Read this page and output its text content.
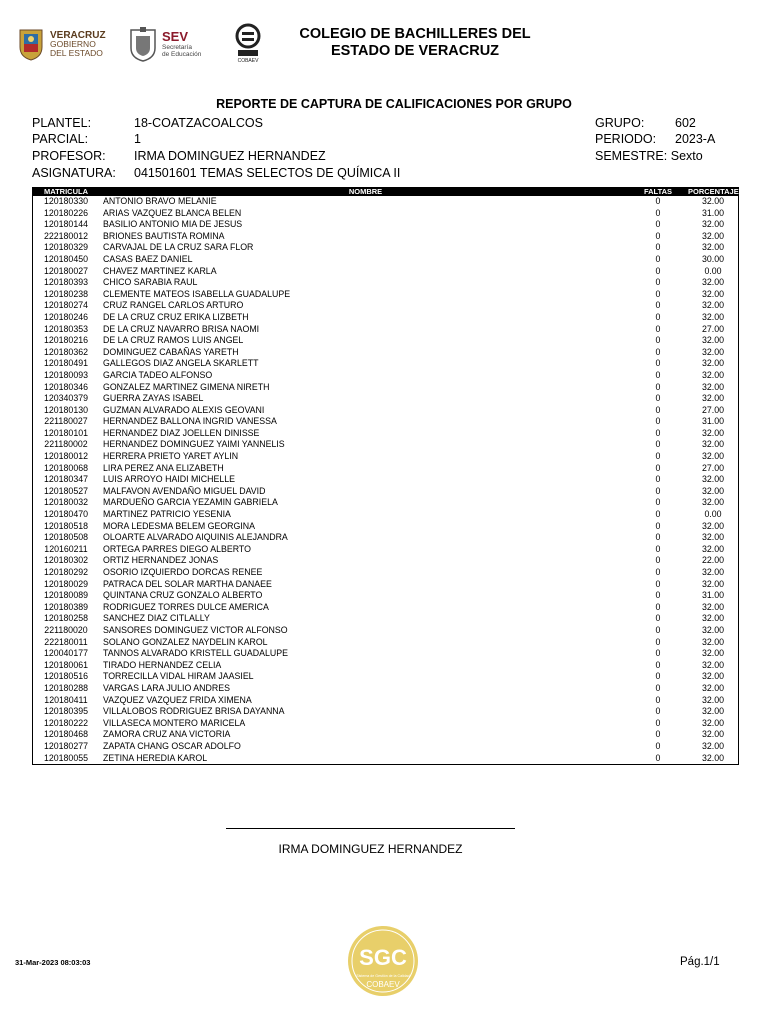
VERACRUZ
GOBIERNO
DEL ESTADO
SEV
Secretaría
de Educación
COBAEV
COLEGIO DE BACHILLERES DEL
ESTADO DE VERACRUZ
REPORTE DE CAPTURA DE CALIFICACIONES POR GRUPO
PLANTEL:	18-COATZACOALCOS
PARCIAL:	1
PROFESOR: IRMA DOMINGUEZ HERNANDEZ
ASIGNATURA: 041501601 TEMAS SELECTOS DE QUÍMICA II
GRUPO: 602
PERIODO: 2023-A
SEMESTRE: Sexto
MATRICULA	NOMBRE	FALTAS	PORCENTAJE
120180330	ANTONIO BRAVO MELANIE	0	32.00
120180226	ARIAS VAZQUEZ BLANCA BELEN	0	31.00
120180144	BASILIO ANTONIO MIA DE JESUS	0	32.00
222180012	BRIONES BAUTISTA ROMINA	0	32.00
120180329	CARVAJAL DE LA CRUZ SARA FLOR	0	32.00
120180450	CASAS BAEZ DANIEL	0	30.00
120180027	CHAVEZ MARTINEZ KARLA	0	0.00
120180393	CHICO SARABIA RAUL	0	32.00
120180238	CLEMENTE MATEOS ISABELLA GUADALUPE	0	32.00
120180274	CRUZ RANGEL CARLOS ARTURO	0	32.00
120180246	DE LA CRUZ CRUZ ERIKA LIZBETH	0	32.00
120180353	DE LA CRUZ NAVARRO BRISA NAOMI	0	27.00
120180216	DE LA CRUZ RAMOS LUIS ANGEL	0	32.00
120180362	DOMINGUEZ CABAÑAS YARETH	0	32.00
120180491	GALLEGOS DIAZ ANGELA SKARLETT	0	32.00
120180093	GARCIA TADEO ALFONSO	0	32.00
120180346	GONZALEZ MARTINEZ GIMENA NIRETH	0	32.00
120340379	GUERRA ZAYAS ISABEL	0	32.00
120180130	GUZMAN ALVARADO ALEXIS GEOVANI	0	27.00
221180027	HERNANDEZ BALLONA INGRID VANESSA	0	31.00
120180101	HERNANDEZ DIAZ JOELLEN DINISSE	0	32.00
221180002	HERNANDEZ DOMINGUEZ YAIMI YANNELIS	0	32.00
120180012	HERRERA PRIETO YARET AYLIN	0	32.00
120180068	LIRA PEREZ ANA ELIZABETH	0	27.00
120180347	LUIS ARROYO HAIDI MICHELLE	0	32.00
120180527	MALFAVON AVENDAÑO MIGUEL DAVID	0	32.00
120180032	MARDUEÑO GARCIA YEZAMIN GABRIELA	0	32.00
120180470	MARTINEZ PATRICIO YESENIA	0	0.00
120180518	MORA LEDESMA BELEM GEORGINA	0	32.00
120180508	OLOARTE ALVARADO AIQUINIS ALEJANDRA	0	32.00
120160211	ORTEGA PARRES DIEGO ALBERTO	0	32.00
120180302	ORTIZ HERNANDEZ JONAS	0	22.00
120180292	OSORIO IZQUIERDO DORCAS RENEE	0	32.00
120180029	PATRACA DEL SOLAR MARTHA DANAEE	0	32.00
120180089	QUINTANA CRUZ GONZALO ALBERTO	0	31.00
120180389	RODRIGUEZ TORRES DULCE AMERICA	0	32.00
120180258	SANCHEZ DIAZ CITLALLY	0	32.00
221180020	SANSORES DOMINGUEZ VICTOR ALFONSO	0	32.00
222180011	SOLANO GONZALEZ NAYDELIN KAROL	0	32.00
120040177	TANNOS ALVARADO KRISTELL GUADALUPE	0	32.00
120180061	TIRADO HERNANDEZ CELIA	0	32.00
120180516	TORRECILLA VIDAL HIRAM JAASIEL	0	32.00
120180288	VARGAS LARA JULIO ANDRES	0	32.00
120180411	VAZQUEZ VAZQUEZ FRIDA XIMENA	0	32.00
120180395	VILLALOBOS RODRIGUEZ BRISA DAYANNA	0	32.00
120180222	VILLASECA MONTERO MARICELA	0	32.00
120180468	ZAMORA CRUZ ANA VICTORIA	0	32.00
120180277	ZAPATA CHANG OSCAR ADOLFO	0	32.00
120180055	ZETINA HEREDIA KAROL	0	32.00
IRMA DOMINGUEZ HERNANDEZ
31-Mar-2023 08:03:03	SGC
Sistema de Gestión de la Calidad
COBAEV
Pág.1/1
